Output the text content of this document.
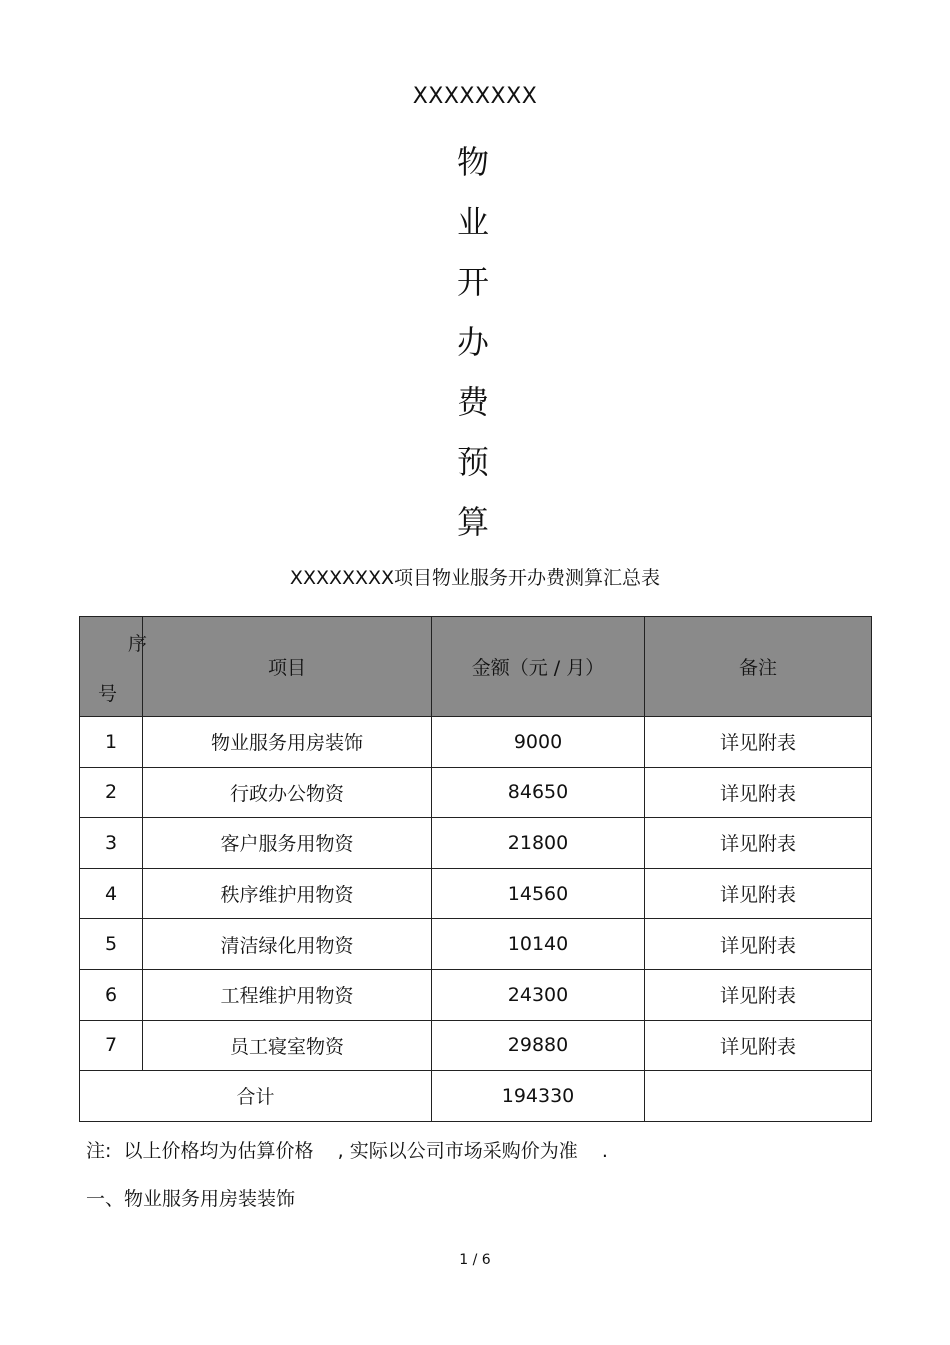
XXXXXXXX
物
业
开
办
费
预
算
XXXXXXXX项目物业服务开办费测算汇总表
序
号	项目	金额（元 / 月）	备注
1	物业服务用房装饰	9000	详见附表
2	行政办公物资	84650	详见附表
3	客户服务用物资	21800	详见附表
4	秩序维护用物资	14560	详见附表
5	清洁绿化用物资	10140	详见附表
6	工程维护用物资	24300	详见附表
7	员工寝室物资	29880	详见附表
合计		194330	
注:  以上价格均为估算价格    , 实际以公司市场采购价为准    .
一、物业服务用房装装饰
1 / 6
